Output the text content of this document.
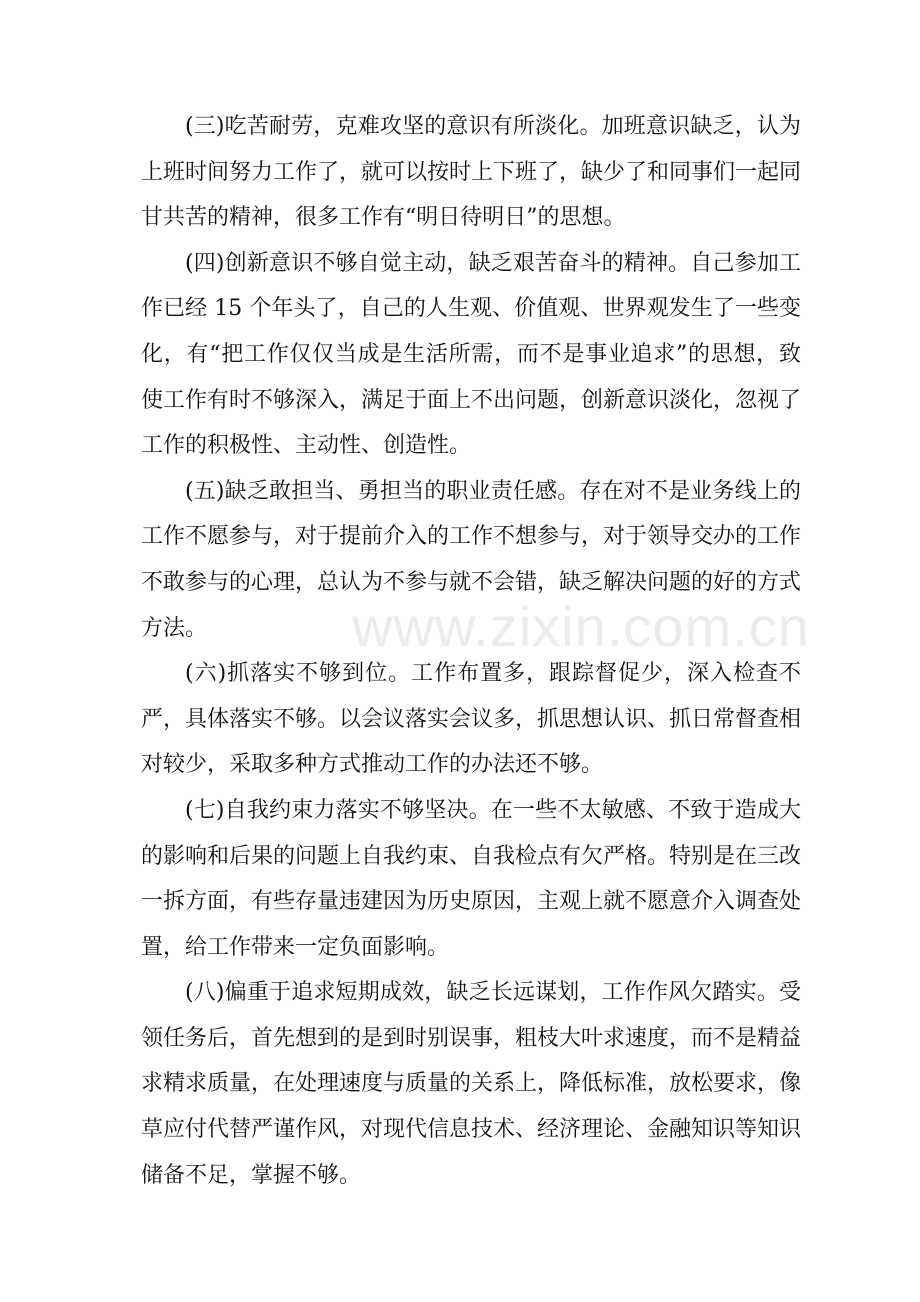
(三)吃苦耐劳，克难攻坚的意识有所淡化。加班意识缺乏，认为上班时间努力工作了，就可以按时上下班了，缺少了和同事们一起同甘共苦的精神，很多工作有“明日待明日”的思想。

(四)创新意识不够自觉主动，缺乏艰苦奋斗的精神。自己参加工作已经 15 个年头了，自己的人生观、价值观、世界观发生了一些变化，有“把工作仅仅当成是生活所需，而不是事业追求”的思想，致使工作有时不够深入，满足于面上不出问题，创新意识淡化，忽视了工作的积极性、主动性、创造性。

(五)缺乏敢担当、勇担当的职业责任感。存在对不是业务线上的工作不愿参与，对于提前介入的工作不想参与，对于领导交办的工作不敢参与的心理，总认为不参与就不会错，缺乏解决问题的好的方式方法。

(六)抓落实不够到位。工作布置多，跟踪督促少，深入检查不严，具体落实不够。以会议落实会议多，抓思想认识、抓日常督查相对较少，采取多种方式推动工作的办法还不够。

(七)自我约束力落实不够坚决。在一些不太敏感、不致于造成大的影响和后果的问题上自我约束、自我检点有欠严格。特别是在三改一拆方面，有些存量违建因为历史原因，主观上就不愿意介入调查处置，给工作带来一定负面影响。

(八)偏重于追求短期成效，缺乏长远谋划，工作作风欠踏实。受领任务后，首先想到的是到时别误事，粗枝大叶求速度，而不是精益求精求质量，在处理速度与质量的关系上，降低标准，放松要求，像草应付代替严谨作风，对现代信息技术、经济理论、金融知识等知识储备不足，掌握不够。

www.zixin.com.cn
